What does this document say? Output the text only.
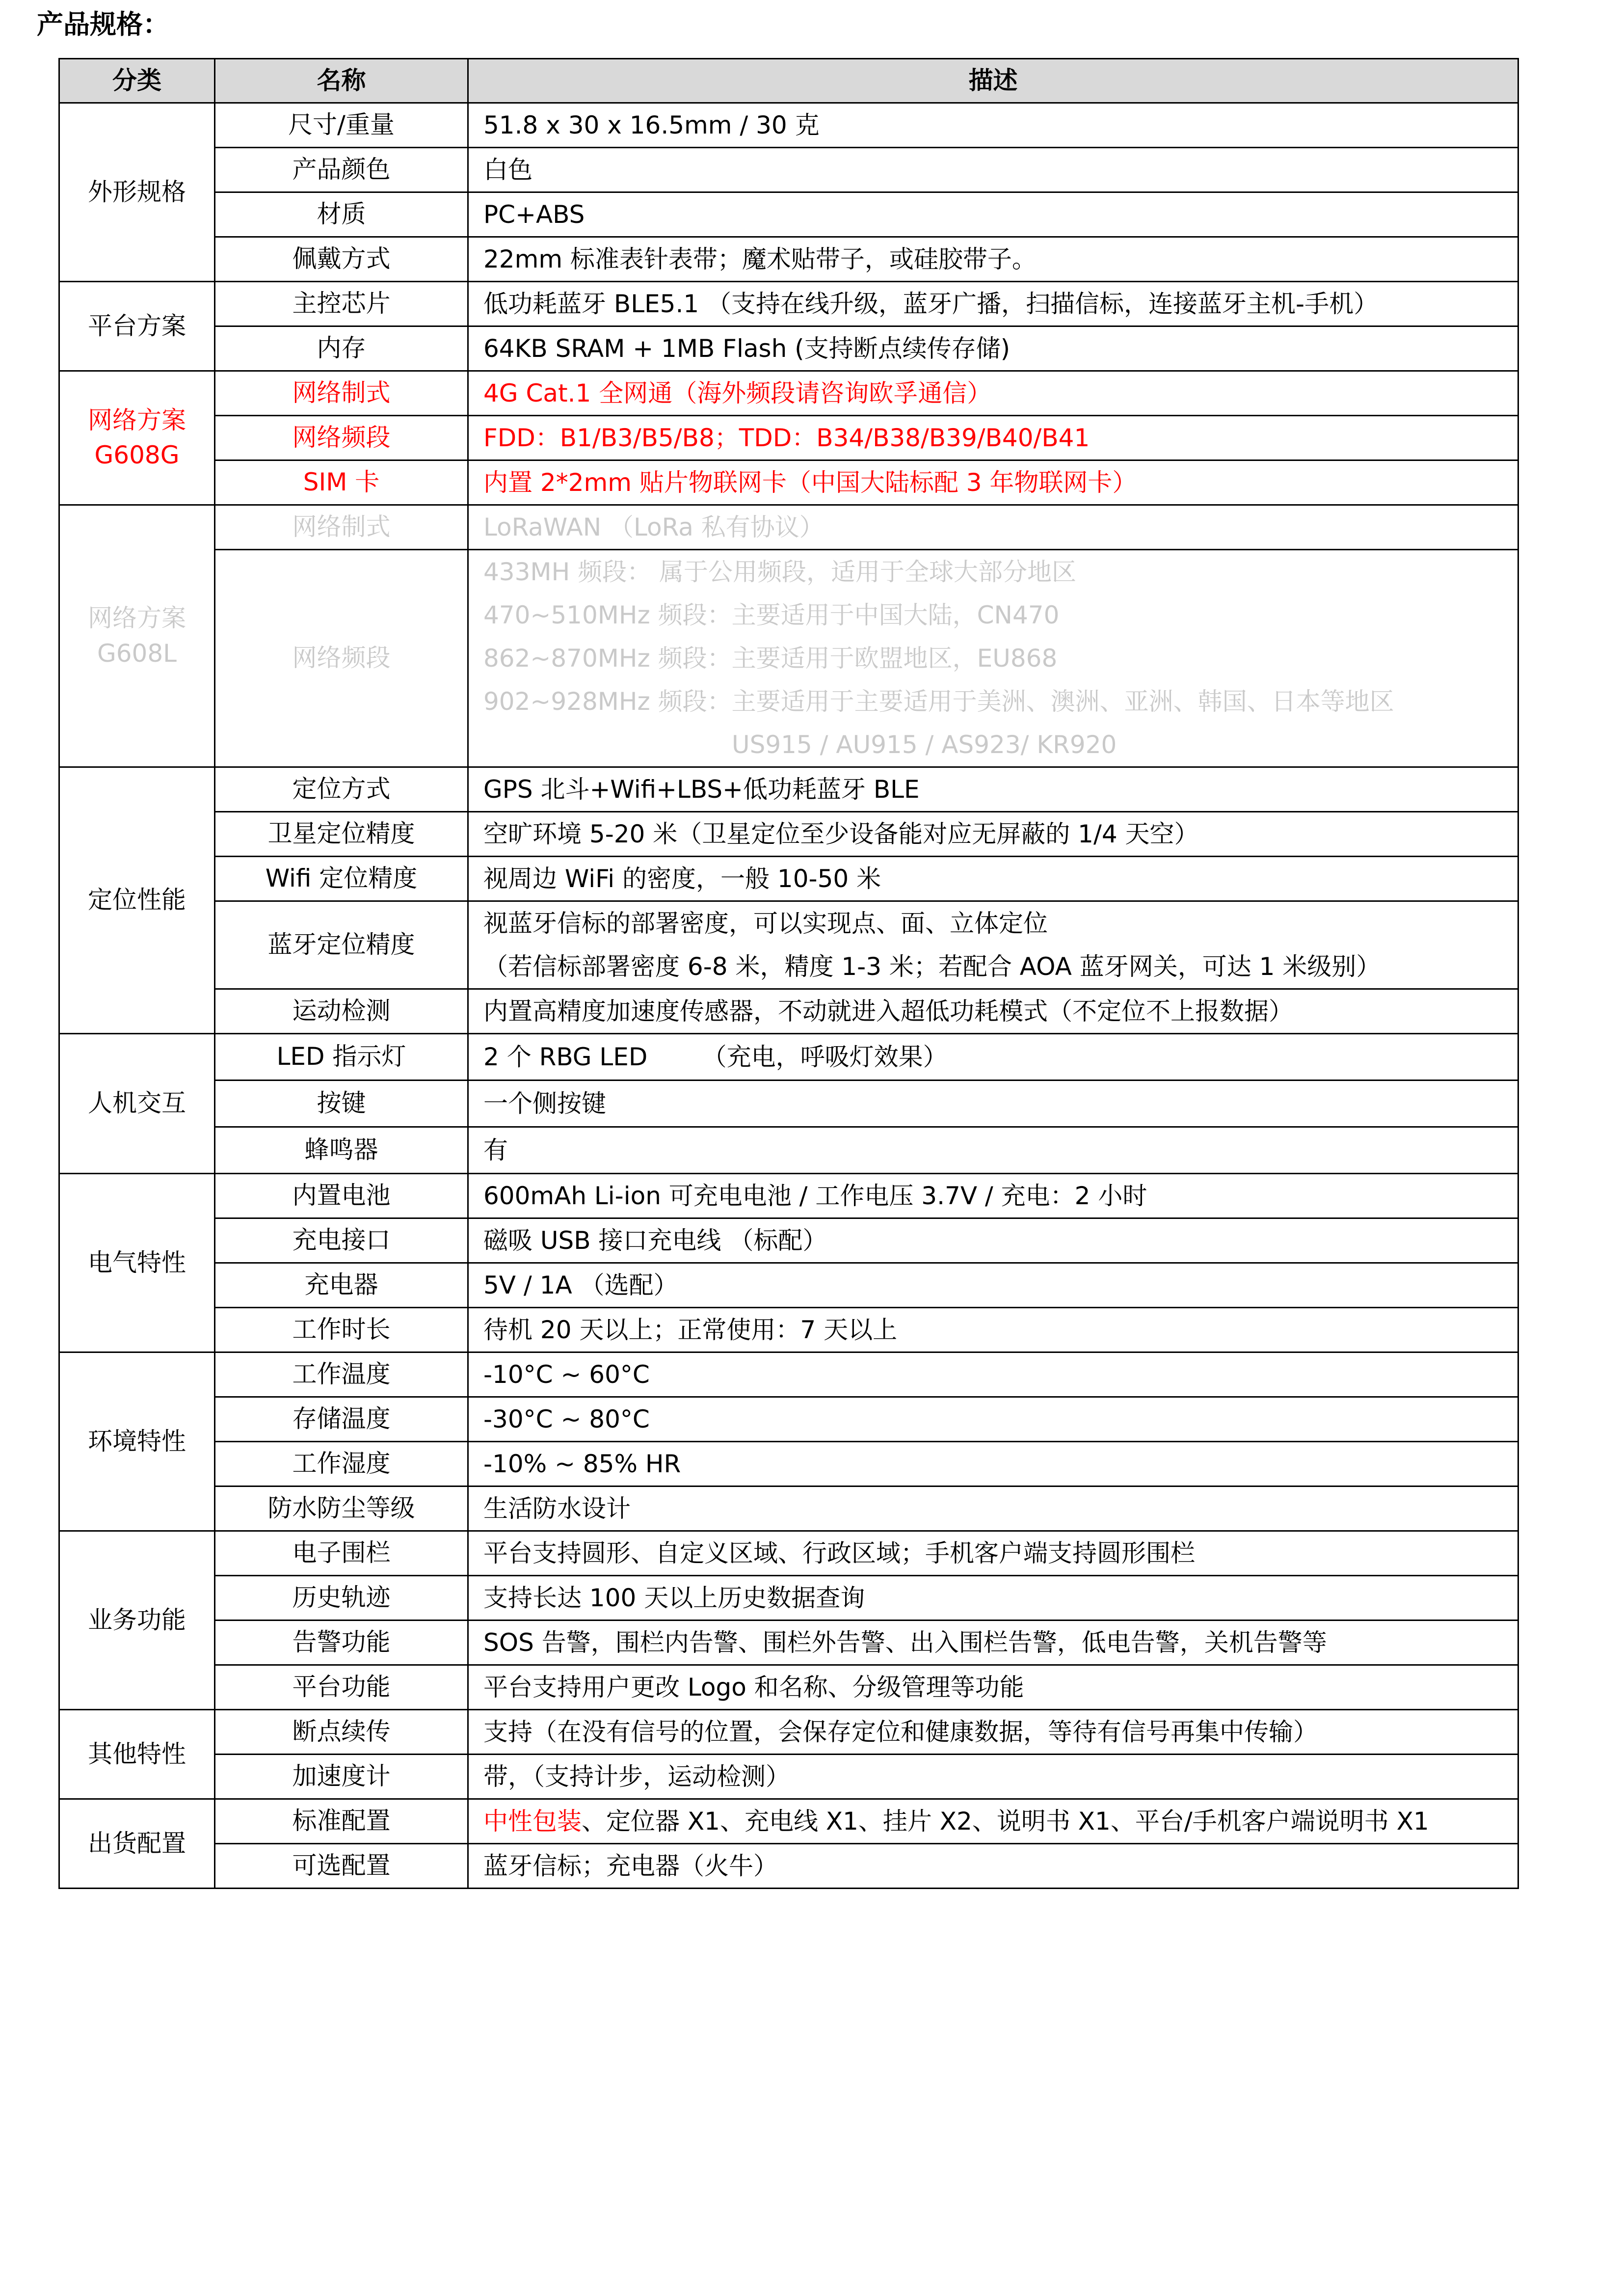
产品规格：
分类	名称	描述

外形规格	尺寸/重量	51.8 x 30 x 16.5mm / 30 克

	产品颜色	白色

	材质	PC+ABS

	佩戴方式	22mm 标准表针表带；魔术贴带子，或硅胶带子。

平台方案	主控芯片	低功耗蓝牙 BLE5.1 （支持在线升级，蓝牙广播，扫描信标，连接蓝牙主机-手机）

	内存	64KB SRAM + 1MB Flash (支持断点续传存储)

网络方案
G608G	网络制式	4G Cat.1 全网通（海外频段请咨询欧孚通信）

	网络频段	FDD：B1/B3/B5/B8；TDD：B34/B38/B39/B40/B41

	SIM 卡	内置 2*2mm 贴片物联网卡（中国大陆标配 3 年物联网卡）

网络方案
G608L	网络制式	LoRaWAN （LoRa 私有协议）

	网络频段	433MH 频段： 属于公用频段，适用于全球大部分地区
470~510MHz 频段：主要适用于中国大陆，CN470
862~870MHz 频段：主要适用于欧盟地区，EU868
902~928MHz 频段：主要适用于主要适用于美洲、澳洲、亚洲、韩国、日本等地区
US915 / AU915 / AS923/ KR920

定位性能	定位方式	GPS 北斗+Wifi+LBS+低功耗蓝牙 BLE

	卫星定位精度	空旷环境 5-20 米（卫星定位至少设备能对应无屏蔽的 1/4 天空）

	Wifi 定位精度	视周边 WiFi 的密度，一般 10-50 米

	蓝牙定位精度	视蓝牙信标的部署密度，可以实现点、面、立体定位
（若信标部署密度 6-8 米，精度 1-3 米；若配合 AOA 蓝牙网关，可达 1 米级别）

	运动检测	内置高精度加速度传感器，不动就进入超低功耗模式（不定位不上报数据）

人机交互	LED 指示灯	2 个 RBG LED       （充电，呼吸灯效果）

	按键	一个侧按键

	蜂鸣器	有

电气特性	内置电池	600mAh Li-ion 可充电电池 / 工作电压 3.7V / 充电：2 小时

	充电接口	磁吸 USB 接口充电线 （标配）

	充电器	5V / 1A （选配）

	工作时长	待机 20 天以上；正常使用：7 天以上

环境特性	工作温度	-10°C ~ 60°C

	存储温度	-30°C ~ 80°C

	工作湿度	-10% ~ 85% HR

	防水防尘等级	生活防水设计

业务功能	电子围栏	平台支持圆形、自定义区域、行政区域；手机客户端支持圆形围栏

	历史轨迹	支持长达 100 天以上历史数据查询

	告警功能	SOS 告警，围栏内告警、围栏外告警、出入围栏告警，低电告警，关机告警等

	平台功能	平台支持用户更改 Logo 和名称、分级管理等功能

其他特性	断点续传	支持（在没有信号的位置，会保存定位和健康数据，等待有信号再集中传输）

	加速度计	带，（支持计步，运动检测）

出货配置	标准配置	中性包装、定位器 X1、充电线 X1、挂片 X2、说明书 X1、平台/手机客户端说明书 X1

	可选配置	蓝牙信标；充电器（火牛）
